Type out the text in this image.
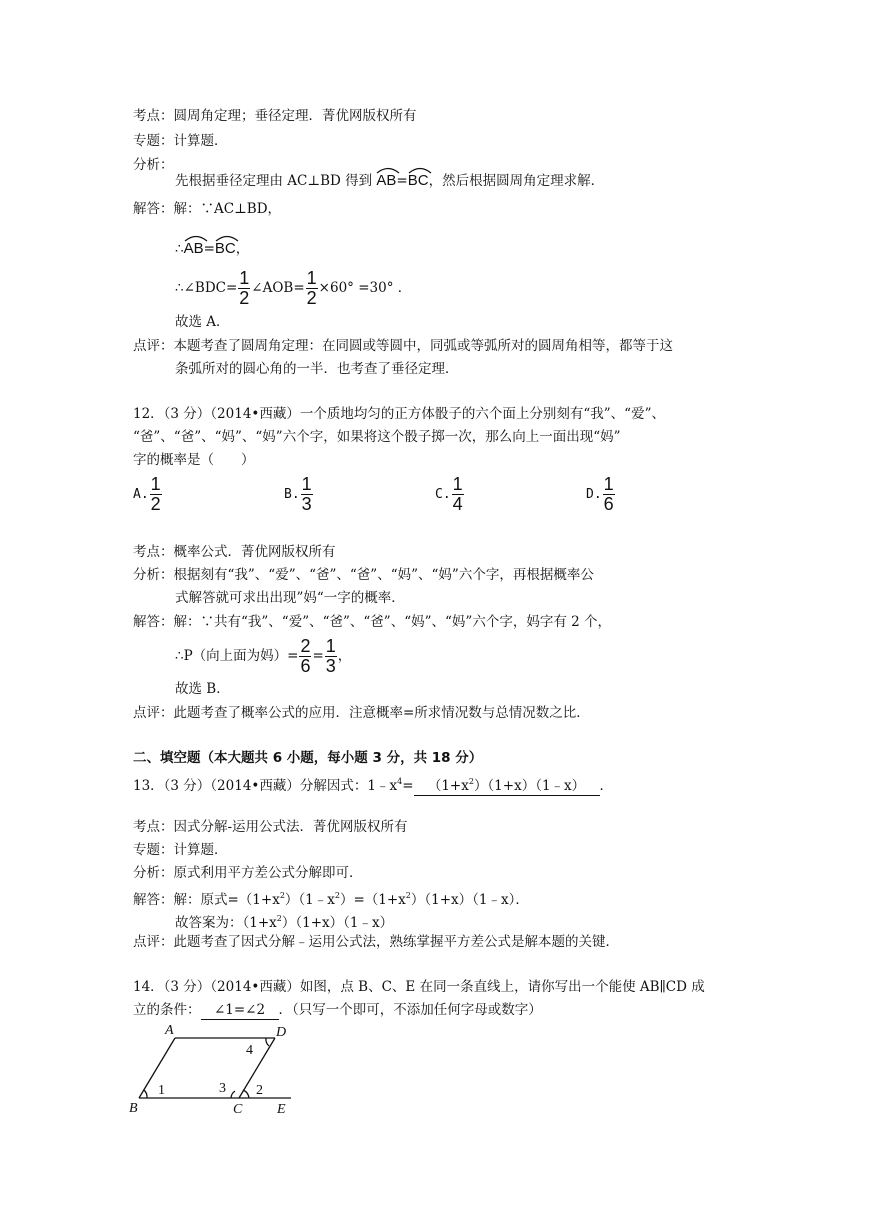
考点：圆周角定理；垂径定理．菁优网版权所有
专题：计算题．
分析：
先根据垂径定理由 AC⊥BD 得到 AB=
BC，然后根据圆周角定理求解．
解答：解：∵AC⊥BD，
∴
AB=
BC，
∴∠BDC= $\frac{1}{2}$ ∠AOB= $\frac{1}{2} \times 60^\circ =30^\circ$ ．
故选 A．
点评：本题考查了圆周角定理：在同圆或等圆中，同弧或等弧所对的圆周角相等，都等于这
条弧所对的圆心角的一半．也考查了垂径定理．
12．（3 分）（2014•西藏）一个质地均匀的正方体骰子的六个面上分别刻有“我”、“爱”、
“爸”、“爸”、“妈”、“妈”六个字，如果将这个骰子掷一次，那么向上一面出现“妈”
字的概率是（　　）
A. $\frac{1}{2}$	B. $\frac{1}{3}$	C. $\frac{1}{4}$	D. $\frac{1}{6}$
考点：概率公式．菁优网版权所有
分析：根据刻有“我”、“爱”、“爸”、“爸”、“妈”、“妈”六个字，再根据概率公
式解答就可求出出现”妈“一字的概率．
解答：解：∵共有“我”、“爱”、“爸”、“爸”、“妈”、“妈”六个字，妈字有 2 个，
∴P（向上面为妈）= $\frac{2}{6} = \frac{1}{3}$ ，
故选 B．
点评：此题考查了概率公式的应用．注意概率=所求情况数与总情况数之比．
二、填空题（本大题共 6 小题，每小题 3 分，共 18 分）
13．（3 分）（2014•西藏）分解因式：$1﹣x^4=$ $(1+x^2)(1+x)(1﹣x)$ ．
考点：因式分解-运用公式法．菁优网版权所有
专题：计算题．
分析：原式利用平方差公式分解即可．
解答：解：原式$=(1+x^2)(1﹣x^2)=(1+x^2)(1+x)(1﹣x)$．
故答案为：$(1+x^2)(1+x)(1﹣x)$
点评：此题考查了因式分解﹣运用公式法，熟练掌握平方差公式是解本题的关键．
14．（3 分）（2014•西藏）如图，点 B、C、E 在同一条直线上，请你写出一个能使 AB∥CD 成
立的条件： ∠1=∠2 ．（只写一个即可，不添加任何字母或数字）
A	D
B	C E
1	2
3
4
